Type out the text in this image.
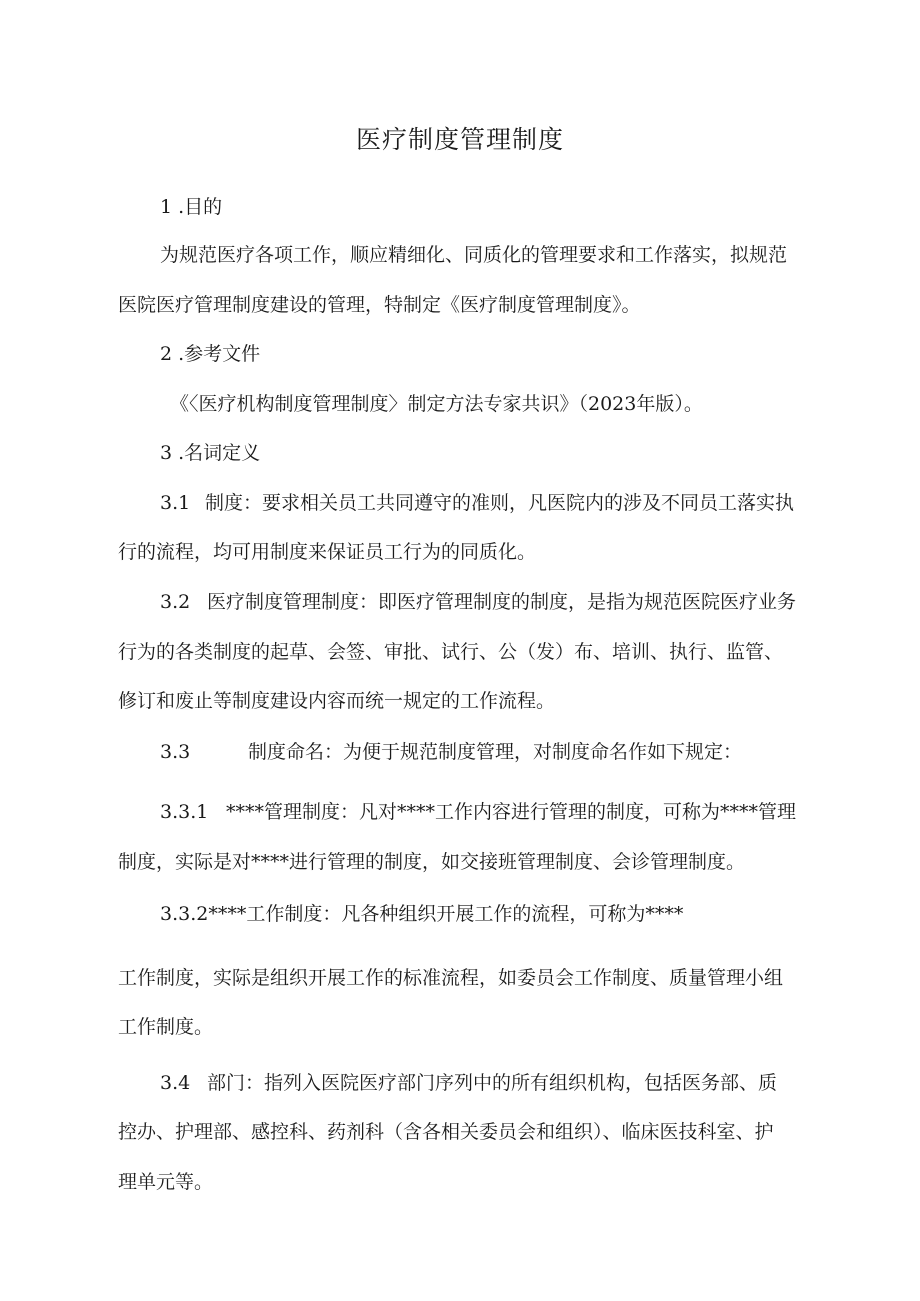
医疗制度管理制度
1 .目的
为规范医疗各项工作，顺应精细化、同质化的管理要求和工作落实，拟规范
医院医疗管理制度建设的管理，特制定《医疗制度管理制度》。
2 .参考文件
《〈医疗机构制度管理制度〉制定方法专家共识》（2023年版）。
3 .名词定义
3.1 制度：要求相关员工共同遵守的准则，凡医院内的涉及不同员工落实执
行的流程，均可用制度来保证员工行为的同质化。
3.2 医疗制度管理制度：即医疗管理制度的制度，是指为规范医院医疗业务
行为的各类制度的起草、会签、审批、试行、公（发）布、培训、执行、监管、
修订和废止等制度建设内容而统一规定的工作流程。
3.3	制度命名：为便于规范制度管理，对制度命名作如下规定：
3.3.1 ****管理制度：凡对****工作内容进行管理的制度，可称为****管理
制度，实际是对****进行管理的制度，如交接班管理制度、会诊管理制度。
3.3.2****工作制度：凡各种组织开展工作的流程，可称为****
工作制度，实际是组织开展工作的标准流程，如委员会工作制度、质量管理小组
工作制度。
3.4 部门：指列入医院医疗部门序列中的所有组织机构，包括医务部、质
控办、护理部、感控科、药剂科（含各相关委员会和组织）、临床医技科室、护
理单元等。
